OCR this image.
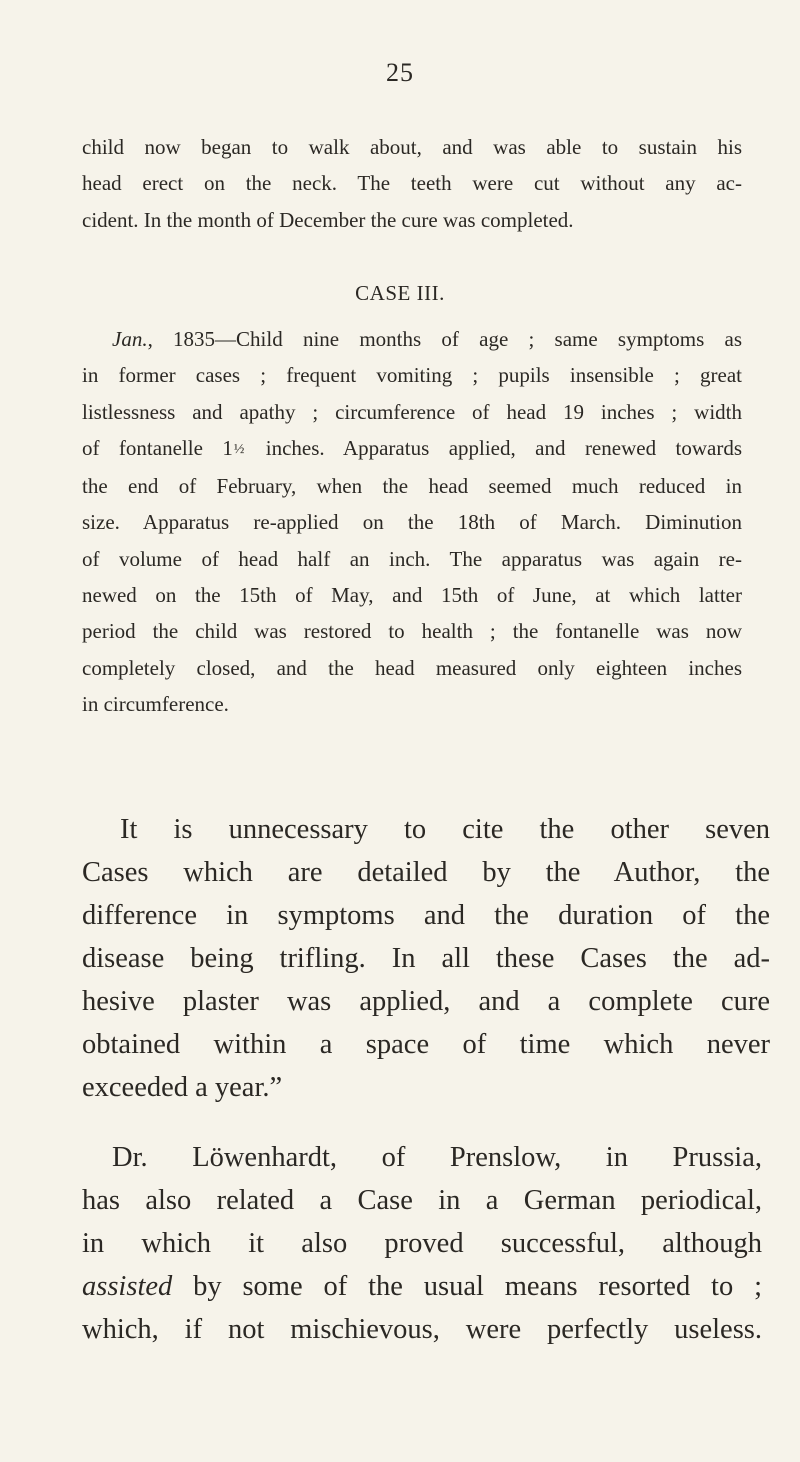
25
child now began to walk about, and was able to sustain his
head erect on the neck. The teeth were cut without any ac-
cident. In the month of December the cure was completed.
CASE III.
Jan., 1835—Child nine months of age ; same symptoms as
in former cases ; frequent vomiting ; pupils insensible ; great
listlessness and apathy ; circumference of head 19 inches ; width
of fontanelle 1½ inches. Apparatus applied, and renewed towards
the end of February, when the head seemed much reduced in
size. Apparatus re-applied on the 18th of March. Diminution
of volume of head half an inch. The apparatus was again re-
newed on the 15th of May, and 15th of June, at which latter
period the child was restored to health ; the fontanelle was now
completely closed, and the head measured only eighteen inches
in circumference.
It is unnecessary to cite the other seven
Cases which are detailed by the Author, the
difference in symptoms and the duration of the
disease being trifling. In all these Cases the ad-
hesive plaster was applied, and a complete cure
obtained within a space of time which never
exceeded a year.”
Dr. Löwenhardt, of Prenslow, in Prussia,
has also related a Case in a German periodical,
in which it also proved successful, although
assisted by some of the usual means resorted to ;
which, if not mischievous, were perfectly useless.
